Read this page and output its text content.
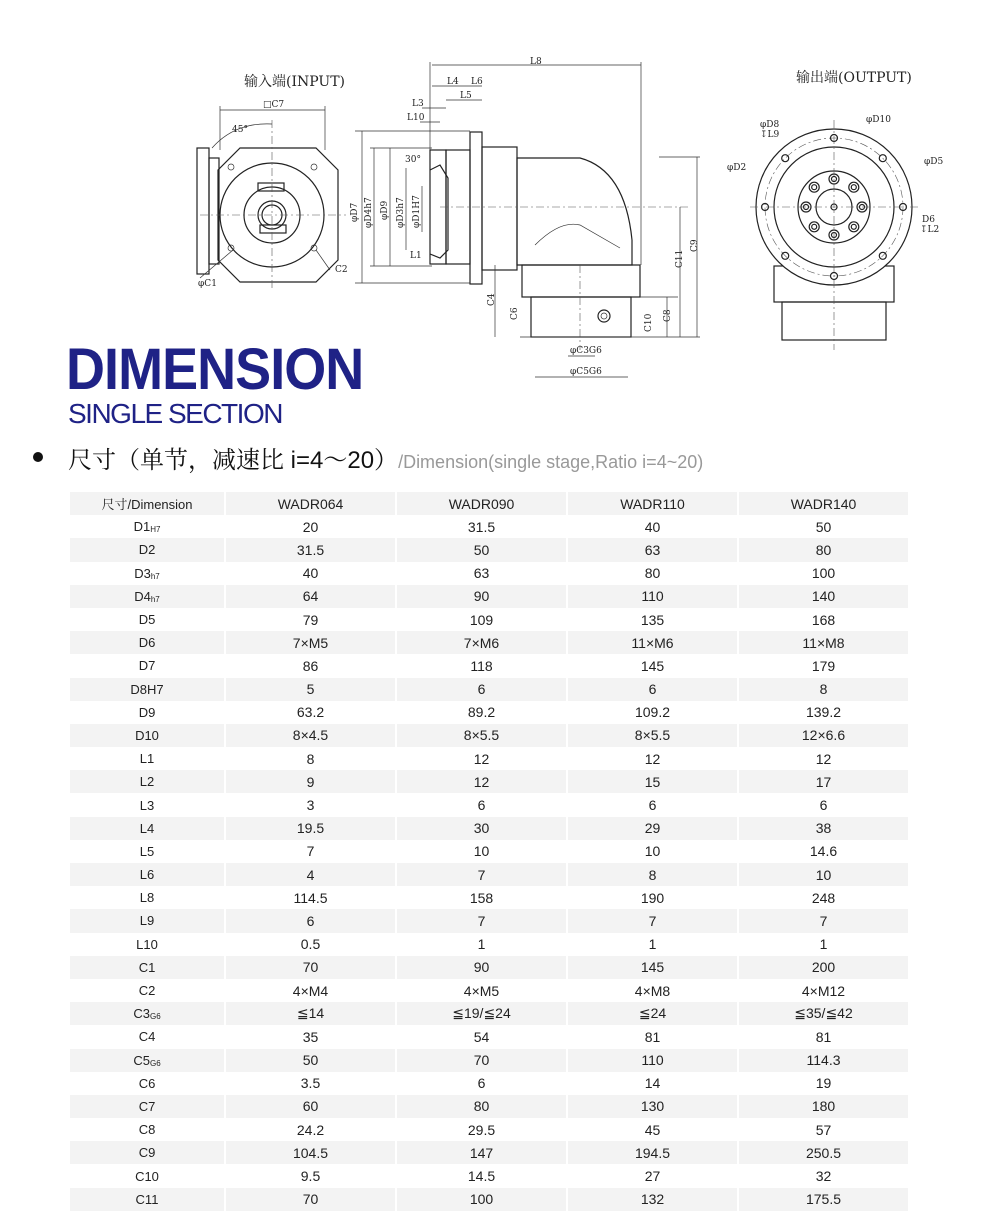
输入端(INPUT)
□C7
45°
φC1
C2
L8
L4 L6
L5
L3
L10
30°
L1
φD7 φD4h7 φD9 φD3h7 φD1H7
C4
C6	C10 C8
C11
C9
φC3G6
φC5G6
输出端(OUTPUT)
φD8
↧L9
φD10
φD2
φD5
D6
↧L2
DIMENSION
SINGLE SECTION
尺寸（单节，减速比 i=4～20）/Dimension(single stage,Ratio i=4~20)
尺寸/Dimension	WADR064	WADR090	WADR110	WADR140
$D1_{H7}$	20	31.5	40	50
D2	31.5	50	63	80
$D3_{h7}$	40	63	80	100
$D4_{h7}$	64	90	110	140
D5	79	109	135	168
D6	7×M5	7×M6	11×M6	11×M8
D7	86	118	145	179
D8H7	5	6	6	8
D9	63.2	89.2	109.2	139.2
D10	8×4.5	8×5.5	8×5.5	12×6.6
L1	8	12	12	12
L2	9	12	15	17
L3	3	6	6	6
L4	19.5	30	29	38
L5	7	10	10	14.6
L6	4	7	8	10
L8	114.5	158	190	248
L9	6	7	7	7
L10	0.5	1	1	1
C1	70	90	145	200
C2	4×M4	4×M5	4×M8	4×M12
$C3_{G6}$	≦14	≦19/≦24	≦24	≦35/≦42
C4	35	54	81	81
$C5_{G6}$	50	70	110	114.3
C6	3.5	6	14	19
C7	60	80	130	180
C8	24.2	29.5	45	57
C9	104.5	147	194.5	250.5
C10	9.5	14.5	27	32
C11	70	100	132	175.5
